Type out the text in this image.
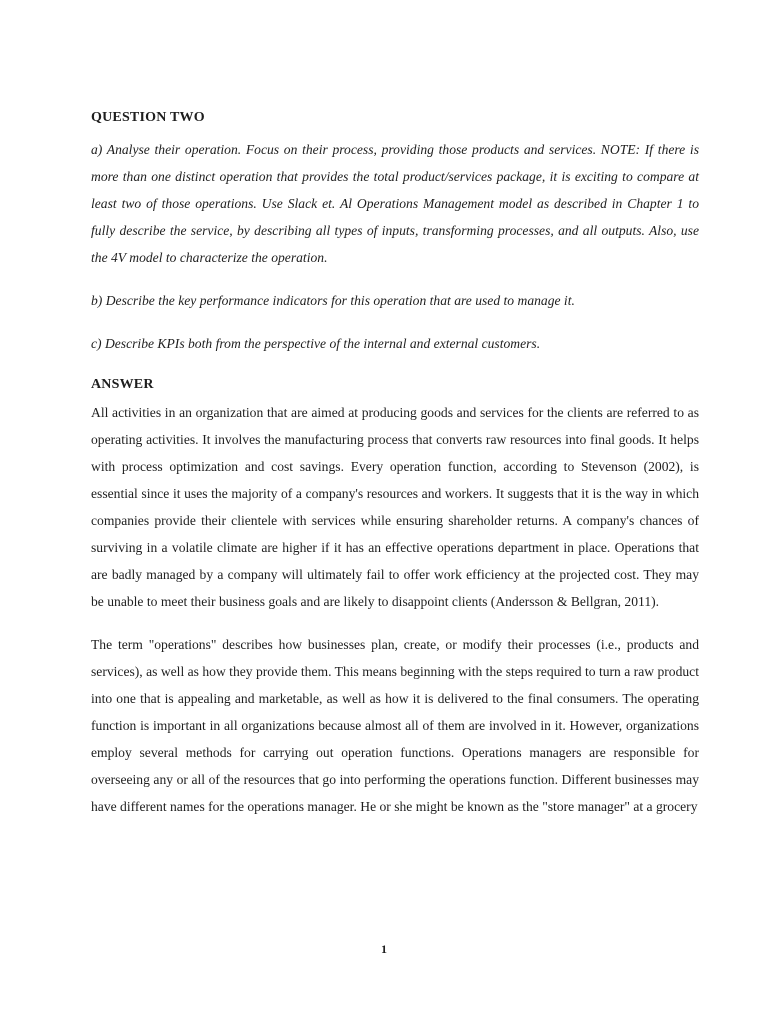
QUESTION TWO

a) Analyse their operation. Focus on their process, providing those products and services. NOTE: If there is more than one distinct operation that provides the total product/services package, it is exciting to compare at least two of those operations. Use Slack et. Al Operations Management model as described in Chapter 1 to fully describe the service, by describing all types of inputs, transforming processes, and all outputs. Also, use the 4V model to characterize the operation.

b) Describe the key performance indicators for this operation that are used to manage it.

c) Describe KPIs both from the perspective of the internal and external customers.

ANSWER

All activities in an organization that are aimed at producing goods and services for the clients are referred to as operating activities. It involves the manufacturing process that converts raw resources into final goods. It helps with process optimization and cost savings. Every operation function, according to Stevenson (2002), is essential since it uses the majority of a company's resources and workers. It suggests that it is the way in which companies provide their clientele with services while ensuring shareholder returns. A company's chances of surviving in a volatile climate are higher if it has an effective operations department in place. Operations that are badly managed by a company will ultimately fail to offer work efficiency at the projected cost. They may be unable to meet their business goals and are likely to disappoint clients (Andersson & Bellgran, 2011).

The term "operations" describes how businesses plan, create, or modify their processes (i.e., products and services), as well as how they provide them. This means beginning with the steps required to turn a raw product into one that is appealing and marketable, as well as how it is delivered to the final consumers. The operating function is important in all organizations because almost all of them are involved in it. However, organizations employ several methods for carrying out operation functions. Operations managers are responsible for overseeing any or all of the resources that go into performing the operations function. Different businesses may have different names for the operations manager. He or she might be known as the "store manager" at a grocery

1
